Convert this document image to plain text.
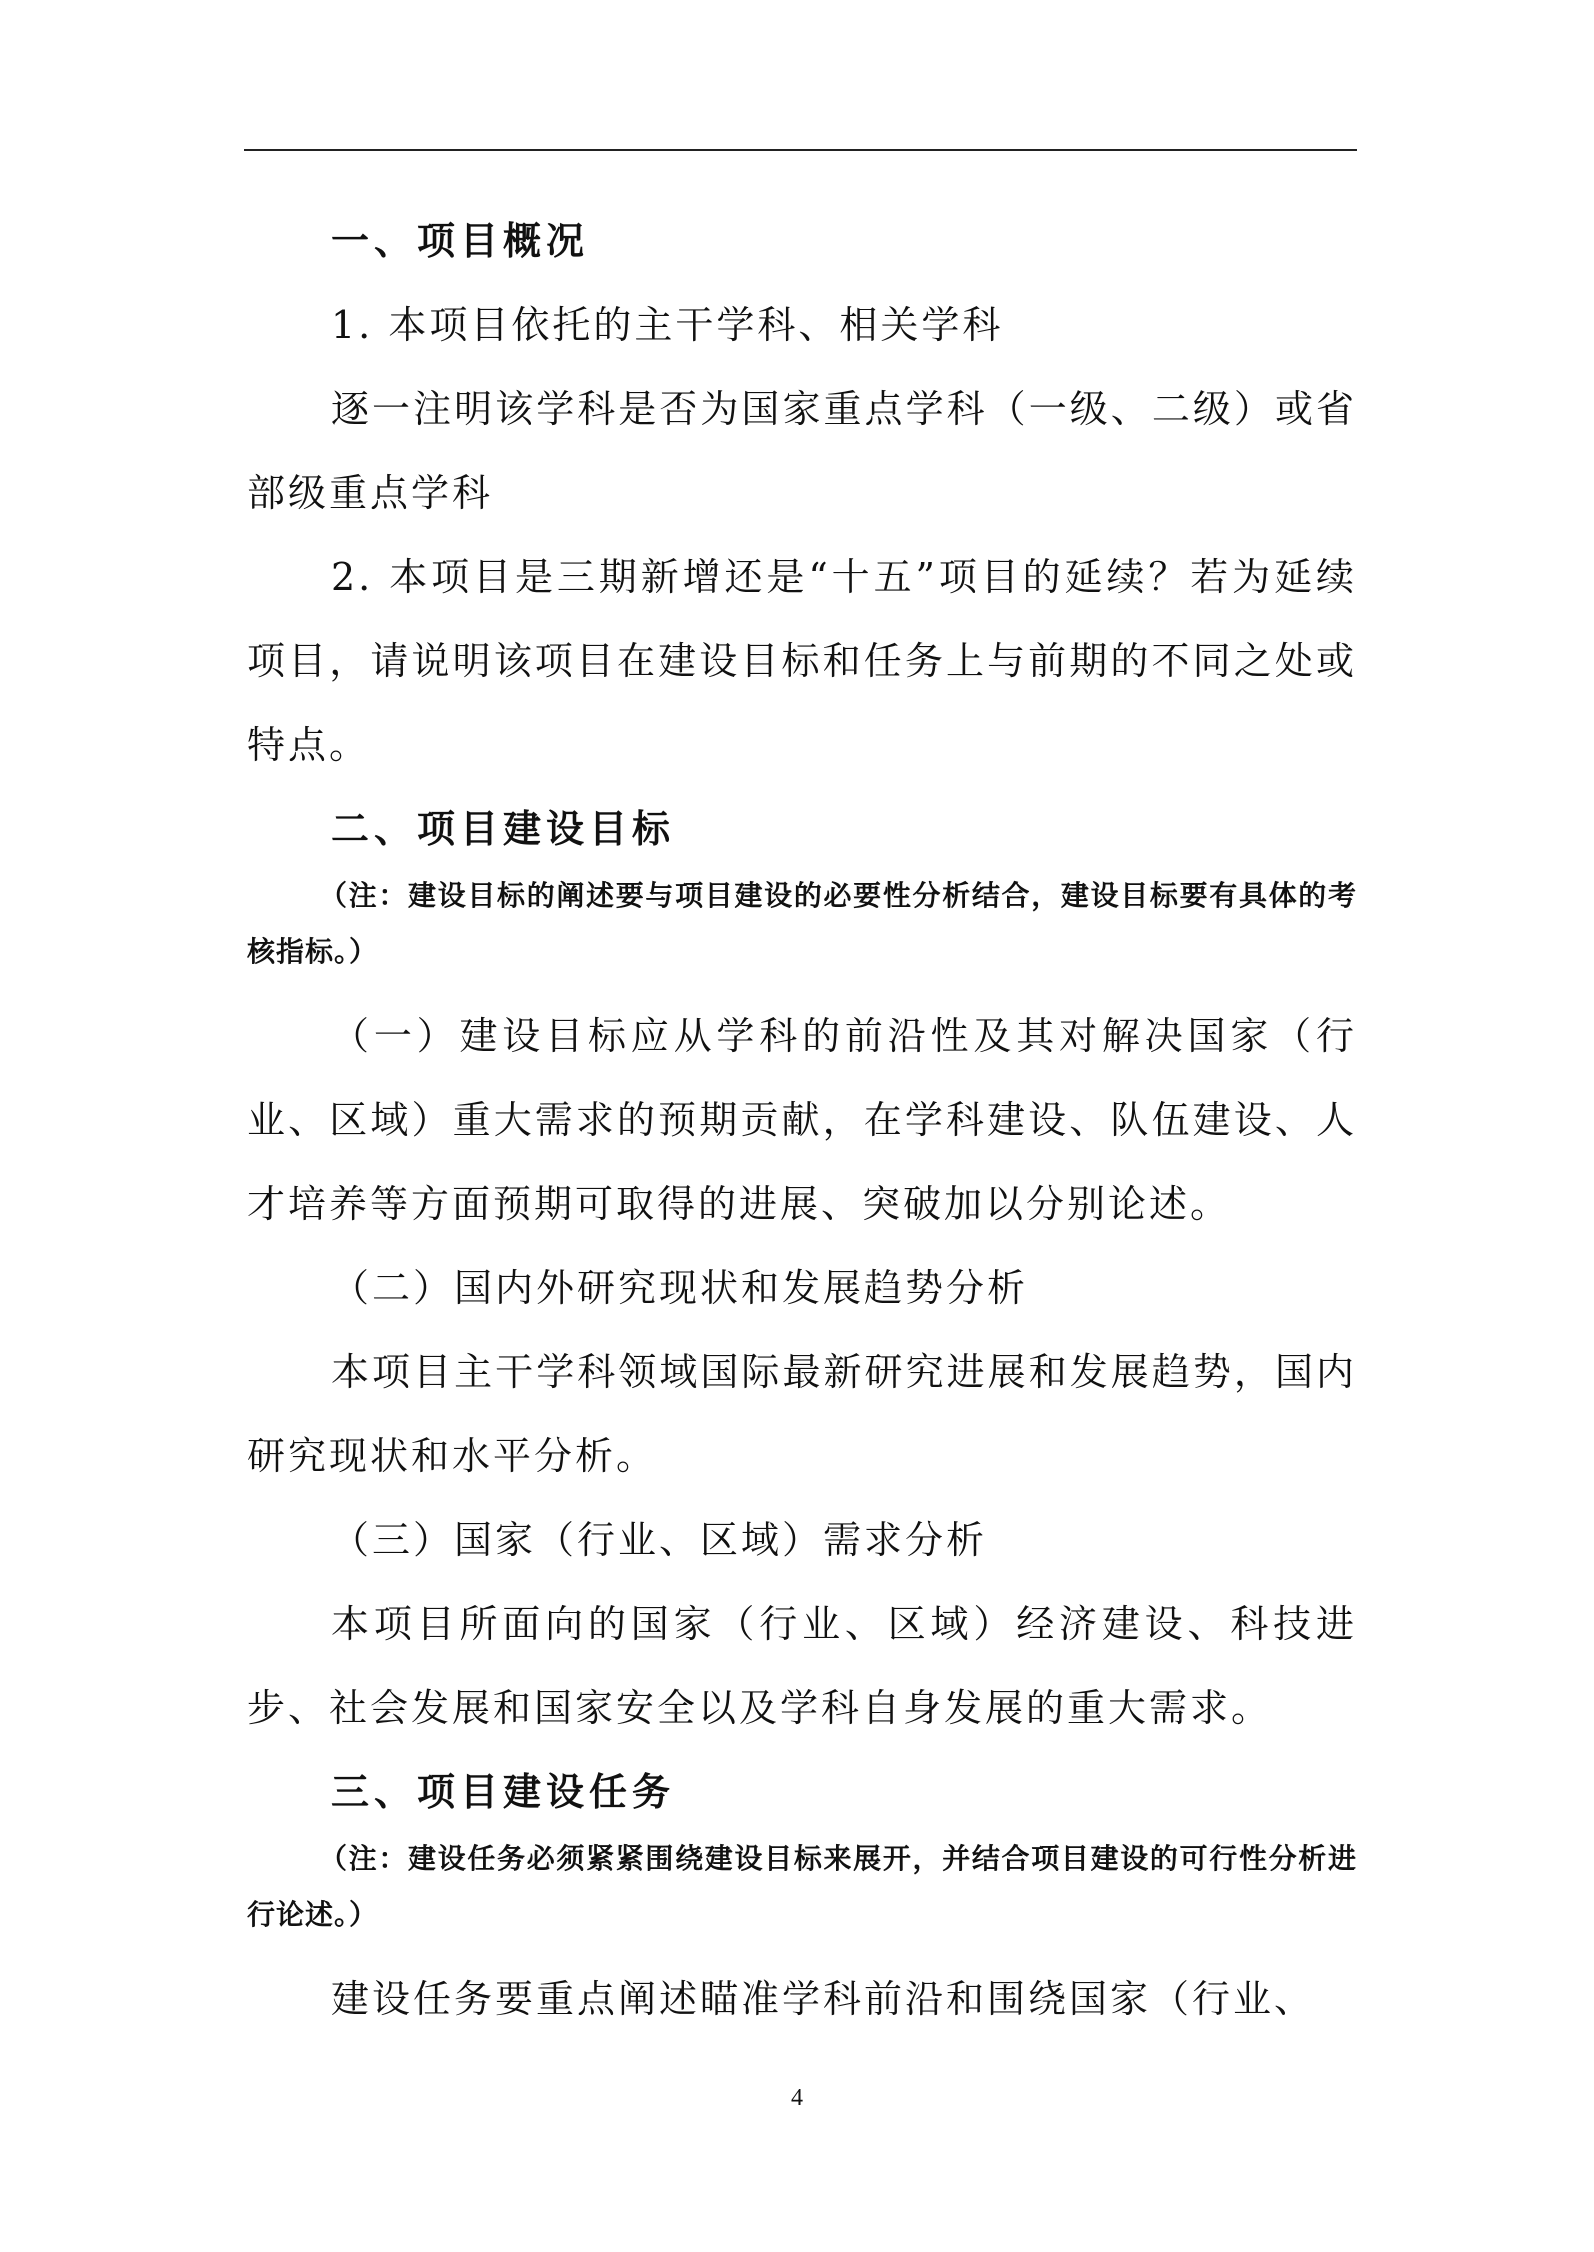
一、项目概况

1. 本项目依托的主干学科、相关学科

逐一注明该学科是否为国家重点学科（一级、二级）或省部级重点学科

2. 本项目是三期新增还是“十五”项目的延续？若为延续项目，请说明该项目在建设目标和任务上与前期的不同之处或特点。

二、项目建设目标

（注：建设目标的阐述要与项目建设的必要性分析结合，建设目标要有具体的考核指标。）

（一）建设目标应从学科的前沿性及其对解决国家（行业、区域）重大需求的预期贡献，在学科建设、队伍建设、人才培养等方面预期可取得的进展、突破加以分别论述。

（二）国内外研究现状和发展趋势分析

本项目主干学科领域国际最新研究进展和发展趋势，国内研究现状和水平分析。

（三）国家（行业、区域）需求分析

本项目所面向的国家（行业、区域）经济建设、科技进步、社会发展和国家安全以及学科自身发展的重大需求。

三、项目建设任务

（注：建设任务必须紧紧围绕建设目标来展开，并结合项目建设的可行性分析进行论述。）

建设任务要重点阐述瞄准学科前沿和围绕国家（行业、

4
